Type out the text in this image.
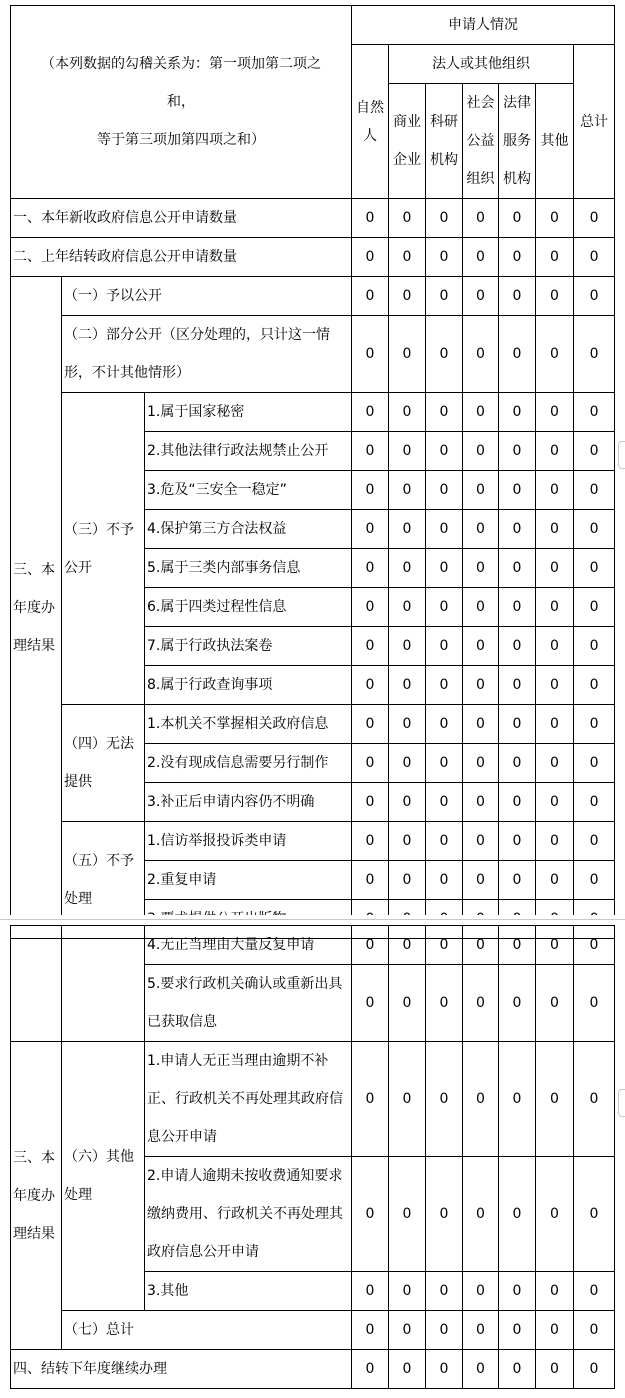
（本列数据的勾稽关系为：第一项加第二项之
和，
等于第三项加第四项之和）			申请人情况						
			自然人	法人或其他组织					总计
				商业企业	科研机构	社会公益组织	法律服务机构	其他	

一、本年新收政府信息公开申请数量			0	0	0	0	0	0	0
二、上年结转政府信息公开申请数量			0	0	0	0	0	0	0
三、本年度办理结果	（一）予以公开		0	0	0	0	0	0	0
	（二）部分公开（区分处理的，只计这一情形，不计其他情形）		0	0	0	0	0	0	0
	（三）不予公开	1.属于国家秘密	0	0	0	0	0	0	0
		2.其他法律行政法规禁止公开	0	0	0	0	0	0	0
		3.危及“三安全一稳定”	0	0	0	0	0	0	0
		4.保护第三方合法权益	0	0	0	0	0	0	0
		5.属于三类内部事务信息	0	0	0	0	0	0	0
		6.属于四类过程性信息	0	0	0	0	0	0	0
		7.属于行政执法案卷	0	0	0	0	0	0	0
		8.属于行政查询事项	0	0	0	0	0	0	0
	（四）无法提供	1.本机关不掌握相关政府信息	0	0	0	0	0	0	0
		2.没有现成信息需要另行制作	0	0	0	0	0	0	0
		3.补正后申请内容仍不明确	0	0	0	0	0	0	0
	（五）不予处理	1.信访举报投诉类申请	0	0	0	0	0	0	0
		2.重复申请	0	0	0	0	0	0	0

		4.无正当理由大量反复申请	0	0	0	0	0	0	0
		5.要求行政机关确认或重新出具已获取信息	0	0	0	0	0	0	0
三、本年度办理结果	（六）其他处理	1.申请人无正当理由逾期不补正、行政机关不再处理其政府信息公开申请	0	0	0	0	0	0	0
		2.申请人逾期未按收费通知要求缴纳费用、行政机关不再处理其政府信息公开申请	0	0	0	0	0	0	0
		3.其他	0	0	0	0	0	0	0
	（七）总计		0	0	0	0	0	0	0
四、结转下年度继续办理			0	0	0	0	0	0	0
